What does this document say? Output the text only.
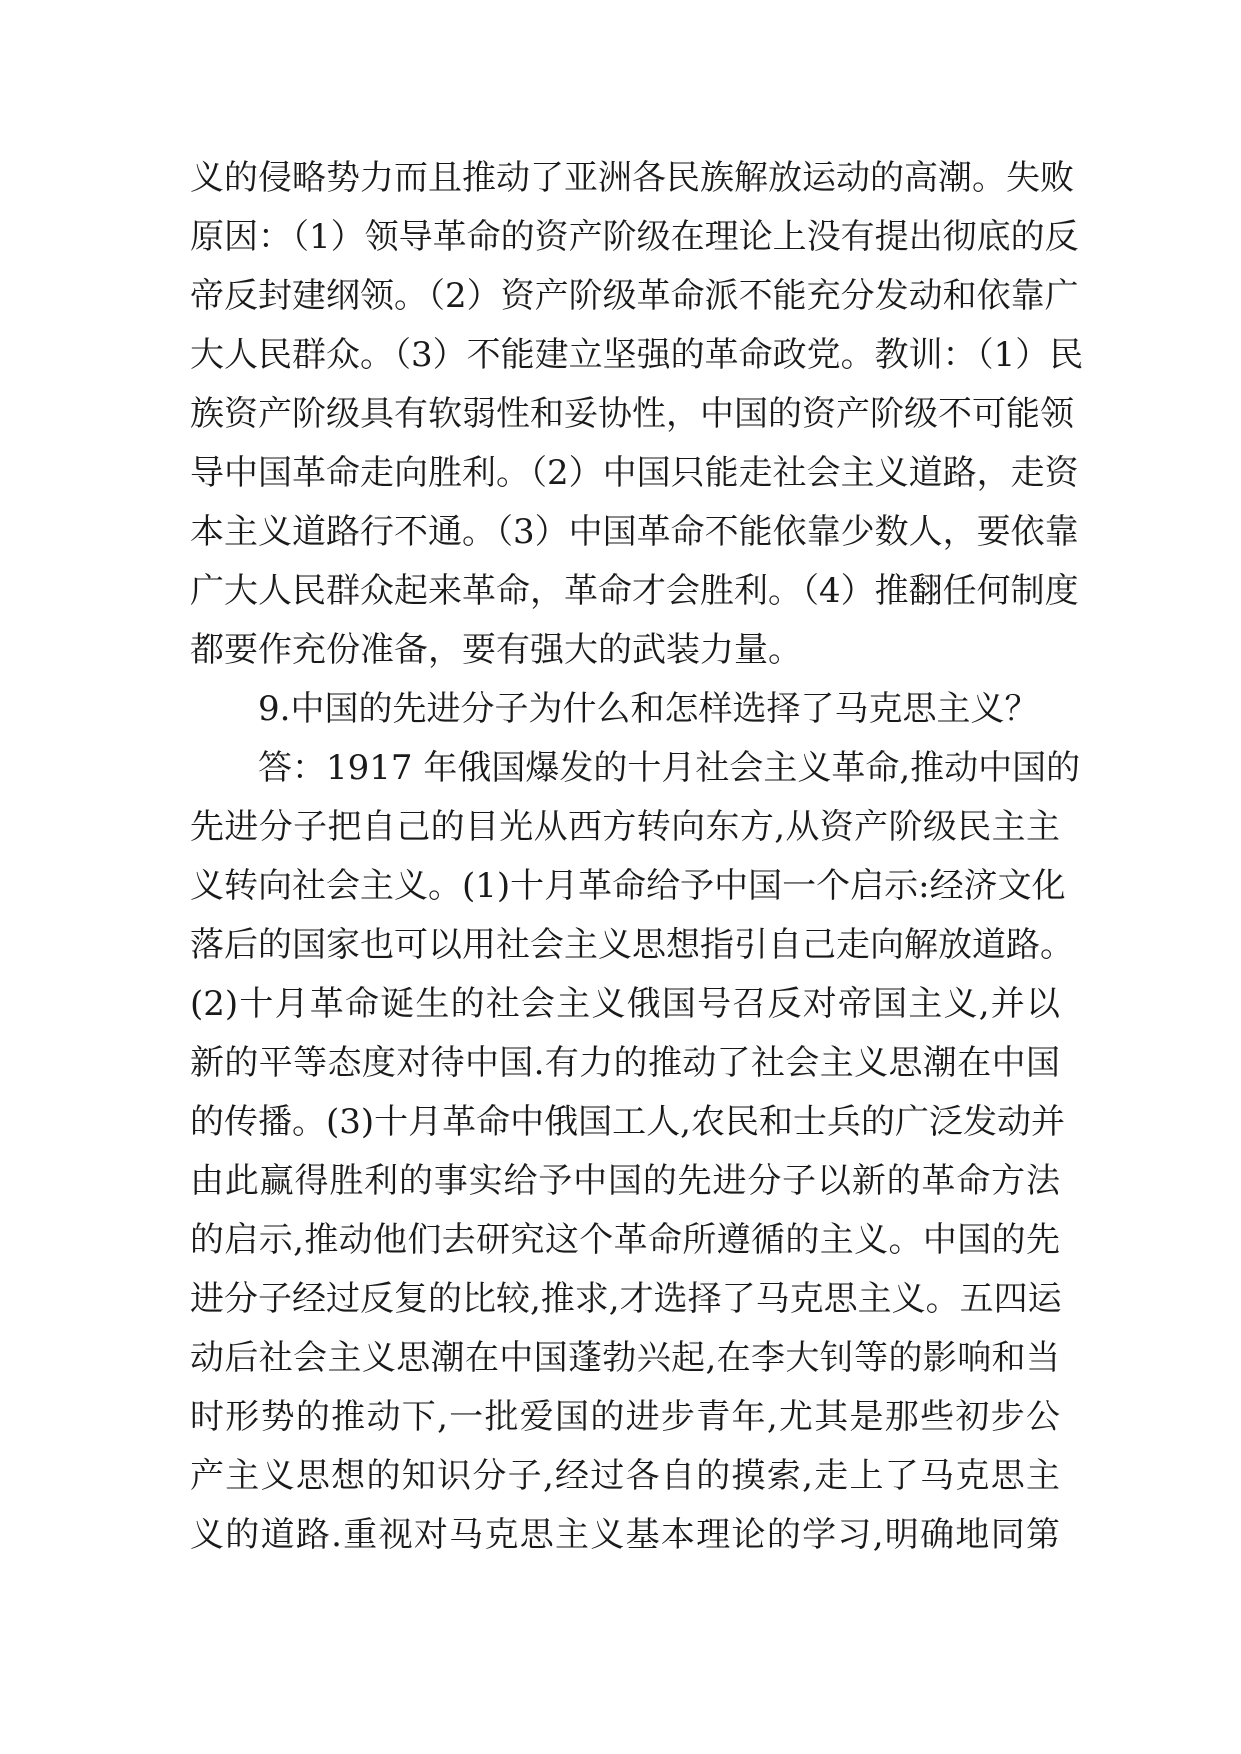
义的侵略势力而且推动了亚洲各民族解放运动的高潮。失败
原因：（1）领导革命的资产阶级在理论上没有提出彻底的反
帝反封建纲领。（2）资产阶级革命派不能充分发动和依靠广
大人民群众。（3）不能建立坚强的革命政党。教训：（1）民
族资产阶级具有软弱性和妥协性，中国的资产阶级不可能领
导中国革命走向胜利。（2）中国只能走社会主义道路，走资
本主义道路行不通。（3）中国革命不能依靠少数人，要依靠
广大人民群众起来革命，革命才会胜利。（4）推翻任何制度
都要作充份准备，要有强大的武装力量。
9.中国的先进分子为什么和怎样选择了马克思主义？
答：1917 年俄国爆发的十月社会主义革命,推动中国的
先进分子把自己的目光从西方转向东方,从资产阶级民主主
义转向社会主义。(1)十月革命给予中国一个启示:经济文化
落后的国家也可以用社会主义思想指引自己走向解放道路。
(2)十月革命诞生的社会主义俄国号召反对帝国主义,并以
新的平等态度对待中国.有力的推动了社会主义思潮在中国
的传播。(3)十月革命中俄国工人,农民和士兵的广泛发动并
由此赢得胜利的事实给予中国的先进分子以新的革命方法
的启示,推动他们去研究这个革命所遵循的主义。中国的先
进分子经过反复的比较,推求,才选择了马克思主义。五四运
动后社会主义思潮在中国蓬勃兴起,在李大钊等的影响和当
时形势的推动下,一批爱国的进步青年,尤其是那些初步公
产主义思想的知识分子,经过各自的摸索,走上了马克思主
义的道路.重视对马克思主义基本理论的学习,明确地同第
